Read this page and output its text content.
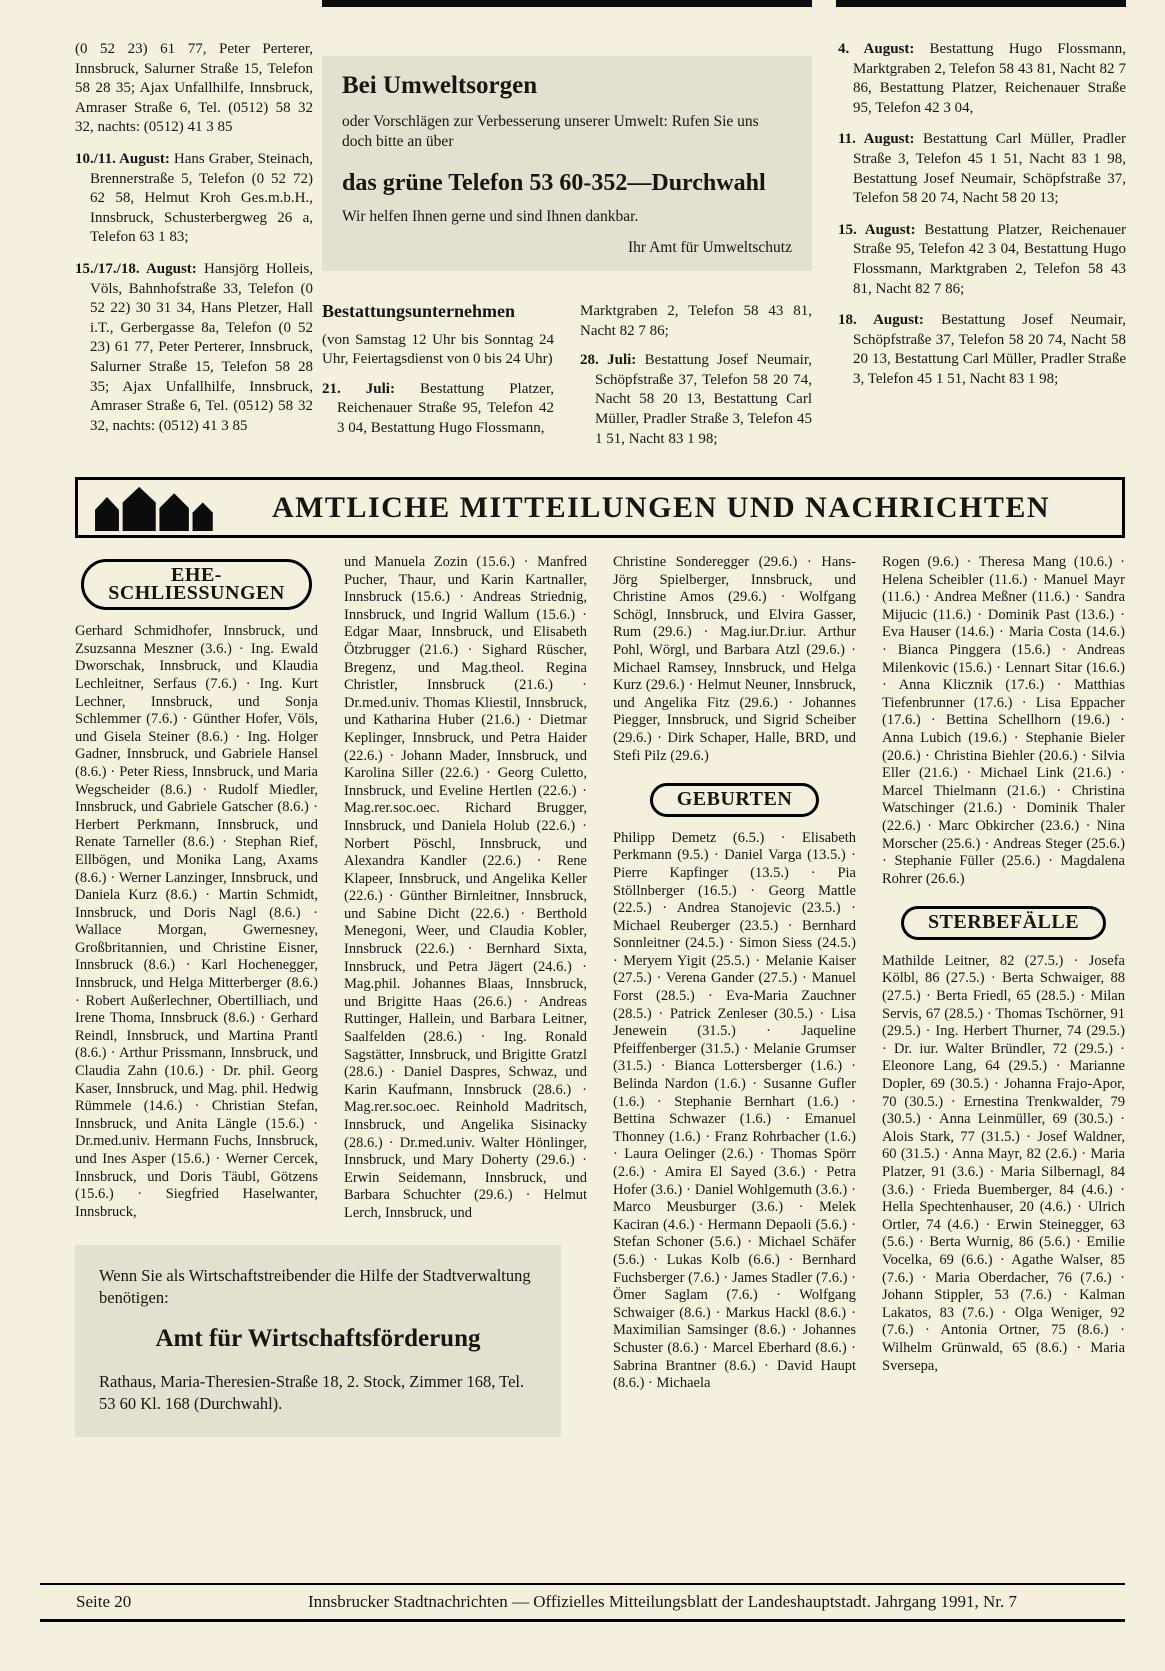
(0 52 23) 61 77, Peter Perterer, Innsbruck, Salurner Straße 15, Telefon 58 28 35; Ajax Unfallhilfe, Innsbruck, Amraser Straße 6, Tel. (0512) 58 32 32, nachts: (0512) 41 3 85

10./11. August: Hans Graber, Steinach, Brennerstraße 5, Telefon (0 52 72) 62 58, Helmut Kroh Ges.m.b.H., Innsbruck, Schusterbergweg 26 a, Telefon 63 1 83;

15./17./18. August: Hansjörg Holleis, Völs, Bahnhofstraße 33, Telefon (0 52 22) 30 31 34, Hans Pletzer, Hall i.T., Gerbergasse 8a, Telefon (0 52 23) 61 77, Peter Perterer, Innsbruck, Salurner Straße 15, Telefon 58 28 35; Ajax Unfallhilfe, Innsbruck, Amraser Straße 6, Tel. (0512) 58 32 32, nachts: (0512) 41 3 85

Bei Umweltsorgen

oder Vorschlägen zur Verbesserung unserer Umwelt: Rufen Sie uns doch bitte an über

das grüne Telefon 53 60-352—Durchwahl

Wir helfen Ihnen gerne und sind Ihnen dankbar.

Ihr Amt für Umweltschutz

Bestattungsunternehmen

(von Samstag 12 Uhr bis Sonntag 24 Uhr, Feiertagsdienst von 0 bis 24 Uhr)

21. Juli: Bestattung Platzer, Reichenauer Straße 95, Telefon 42 3 04, Bestattung Hugo Flossmann,

Marktgraben 2, Telefon 58 43 81, Nacht 82 7 86;

28. Juli: Bestattung Josef Neumair, Schöpfstraße 37, Telefon 58 20 74, Nacht 58 20 13, Bestattung Carl Müller, Pradler Straße 3, Telefon 45 1 51, Nacht 83 1 98;

4. August: Bestattung Hugo Flossmann, Marktgraben 2, Telefon 58 43 81, Nacht 82 7 86, Bestattung Platzer, Reichenauer Straße 95, Telefon 42 3 04,

11. August: Bestattung Carl Müller, Pradler Straße 3, Telefon 45 1 51, Nacht 83 1 98, Bestattung Josef Neumair, Schöpfstraße 37, Telefon 58 20 74, Nacht 58 20 13;

15. August: Bestattung Platzer, Reichenauer Straße 95, Telefon 42 3 04, Bestattung Hugo Flossmann, Marktgraben 2, Telefon 58 43 81, Nacht 82 7 86;

18. August: Bestattung Josef Neumair, Schöpfstraße 37, Telefon 58 20 74, Nacht 58 20 13, Bestattung Carl Müller, Pradler Straße 3, Telefon 45 1 51, Nacht 83 1 98;

AMTLICHE MITTEILUNGEN UND NACHRICHTEN
EHE-
SCHLIESSUNGEN

Gerhard Schmidhofer, Innsbruck, und Zsuzsanna Meszner (3.6.) · Ing. Ewald Dworschak, Innsbruck, und Klaudia Lechleitner, Serfaus (7.6.) · Ing. Kurt Lechner, Innsbruck, und Sonja Schlemmer (7.6.) · Günther Hofer, Völs, und Gisela Steiner (8.6.) · Ing. Holger Gadner, Innsbruck, und Gabriele Hansel (8.6.) · Peter Riess, Innsbruck, und Maria Wegscheider (8.6.) · Rudolf Miedler, Innsbruck, und Gabriele Gatscher (8.6.) · Herbert Perkmann, Innsbruck, und Renate Tarneller (8.6.) · Stephan Rief, Ellbögen, und Monika Lang, Axams (8.6.) · Werner Lanzinger, Innsbruck, und Daniela Kurz (8.6.) · Martin Schmidt, Innsbruck, und Doris Nagl (8.6.) · Wallace Morgan, Gwernesney, Großbritannien, und Christine Eisner, Innsbruck (8.6.) · Karl Hochenegger, Innsbruck, und Helga Mitterberger (8.6.) · Robert Außerlechner, Obertilliach, und Irene Thoma, Innsbruck (8.6.) · Gerhard Reindl, Innsbruck, und Martina Prantl (8.6.) · Arthur Prissmann, Innsbruck, und Claudia Zahn (10.6.) · Dr. phil. Georg Kaser, Innsbruck, und Mag. phil. Hedwig Rümmele (14.6.) · Christian Stefan, Innsbruck, und Anita Längle (15.6.) · Dr.med.univ. Hermann Fuchs, Innsbruck, und Ines Asper (15.6.) · Werner Cercek, Innsbruck, und Doris Täubl, Götzens (15.6.) · Siegfried Haselwanter, Innsbruck,

und Manuela Zozin (15.6.) · Manfred Pucher, Thaur, und Karin Kartnaller, Innsbruck (15.6.) · Andreas Striednig, Innsbruck, und Ingrid Wallum (15.6.) · Edgar Maar, Innsbruck, und Elisabeth Ötzbrugger (21.6.) · Sighard Rüscher, Bregenz, und Mag.theol. Regina Christler, Innsbruck (21.6.) · Dr.med.univ. Thomas Kliestil, Innsbruck, und Katharina Huber (21.6.) · Dietmar Keplinger, Innsbruck, und Petra Haider (22.6.) · Johann Mader, Innsbruck, und Karolina Siller (22.6.) · Georg Culetto, Innsbruck, und Eveline Hertlen (22.6.) · Mag.rer.soc.oec. Richard Brugger, Innsbruck, und Daniela Holub (22.6.) · Norbert Pöschl, Innsbruck, und Alexandra Kandler (22.6.) · Rene Klapeer, Innsbruck, und Angelika Keller (22.6.) · Günther Birnleitner, Innsbruck, und Sabine Dicht (22.6.) · Berthold Menegoni, Weer, und Claudia Kobler, Innsbruck (22.6.) · Bernhard Sixta, Innsbruck, und Petra Jägert (24.6.) · Mag.phil. Johannes Blaas, Innsbruck, und Brigitte Haas (26.6.) · Andreas Ruttinger, Hallein, und Barbara Leitner, Saalfelden (28.6.) · Ing. Ronald Sagstätter, Innsbruck, und Brigitte Gratzl (28.6.) · Daniel Daspres, Schwaz, und Karin Kaufmann, Innsbruck (28.6.) · Mag.rer.soc.oec. Reinhold Madritsch, Innsbruck, und Angelika Sisinacky (28.6.) · Dr.med.univ. Walter Hönlinger, Innsbruck, und Mary Doherty (29.6.) · Erwin Seidemann, Innsbruck, und Barbara Schuchter (29.6.) · Helmut Lerch, Innsbruck, und

Wenn Sie als Wirtschaftstreibender die Hilfe der Stadtverwaltung benötigen:

Amt für Wirtschaftsförderung

Rathaus, Maria-Theresien-Straße 18, 2. Stock, Zimmer 168, Tel. 53 60 Kl. 168 (Durchwahl).

Christine Sonderegger (29.6.) · Hans-Jörg Spielberger, Innsbruck, und Christine Amos (29.6.) · Wolfgang Schögl, Innsbruck, und Elvira Gasser, Rum (29.6.) · Mag.iur.Dr.iur. Arthur Pohl, Wörgl, und Barbara Atzl (29.6.) · Michael Ramsey, Innsbruck, und Helga Kurz (29.6.) · Helmut Neuner, Innsbruck, und Angelika Fitz (29.6.) · Johannes Piegger, Innsbruck, und Sigrid Scheiber (29.6.) · Dirk Schaper, Halle, BRD, und Stefi Pilz (29.6.)

GEBURTEN

Philipp Demetz (6.5.) · Elisabeth Perkmann (9.5.) · Daniel Varga (13.5.) · Pierre Kapfinger (13.5.) · Pia Stöllnberger (16.5.) · Georg Mattle (22.5.) · Andrea Stanojevic (23.5.) · Michael Reuberger (23.5.) · Bernhard Sonnleitner (24.5.) · Simon Siess (24.5.) · Meryem Yigit (25.5.) · Melanie Kaiser (27.5.) · Verena Gander (27.5.) · Manuel Forst (28.5.) · Eva-Maria Zauchner (28.5.) · Patrick Zenleser (30.5.) · Lisa Jenewein (31.5.) · Jaqueline Pfeiffenberger (31.5.) · Melanie Grumser (31.5.) · Bianca Lottersberger (1.6.) · Belinda Nardon (1.6.) · Susanne Gufler (1.6.) · Stephanie Bernhart (1.6.) · Bettina Schwazer (1.6.) · Emanuel Thonney (1.6.) · Franz Rohrbacher (1.6.) · Laura Oelinger (2.6.) · Thomas Spörr (2.6.) · Amira El Sayed (3.6.) · Petra Hofer (3.6.) · Daniel Wohlgemuth (3.6.) · Marco Meusburger (3.6.) · Melek Kaciran (4.6.) · Hermann Depaoli (5.6.) · Stefan Schoner (5.6.) · Michael Schäfer (5.6.) · Lukas Kolb (6.6.) · Bernhard Fuchsberger (7.6.) · James Stadler (7.6.) · Ömer Saglam (7.6.) · Wolfgang Schwaiger (8.6.) · Markus Hackl (8.6.) · Maximilian Samsinger (8.6.) · Johannes Schuster (8.6.) · Marcel Eberhard (8.6.) · Sabrina Brantner (8.6.) · David Haupt (8.6.) · Michaela

Rogen (9.6.) · Theresa Mang (10.6.) · Helena Scheibler (11.6.) · Manuel Mayr (11.6.) · Andrea Meßner (11.6.) · Sandra Mijucic (11.6.) · Dominik Past (13.6.) · Eva Hauser (14.6.) · Maria Costa (14.6.) · Bianca Pinggera (15.6.) · Andreas Milenkovic (15.6.) · Lennart Sitar (16.6.) · Anna Klicznik (17.6.) · Matthias Tiefenbrunner (17.6.) · Lisa Eppacher (17.6.) · Bettina Schellhorn (19.6.) · Anna Lubich (19.6.) · Stephanie Bieler (20.6.) · Christina Biehler (20.6.) · Silvia Eller (21.6.) · Michael Link (21.6.) · Marcel Thielmann (21.6.) · Christina Watschinger (21.6.) · Dominik Thaler (22.6.) · Marc Obkircher (23.6.) · Nina Morscher (25.6.) · Andreas Steger (25.6.) · Stephanie Füller (25.6.) · Magdalena Rohrer (26.6.)

STERBEFÄLLE

Mathilde Leitner, 82 (27.5.) · Josefa Kölbl, 86 (27.5.) · Berta Schwaiger, 88 (27.5.) · Berta Friedl, 65 (28.5.) · Milan Servis, 67 (28.5.) · Thomas Tschörner, 91 (29.5.) · Ing. Herbert Thurner, 74 (29.5.) · Dr. iur. Walter Bründler, 72 (29.5.) · Eleonore Lang, 64 (29.5.) · Marianne Dopler, 69 (30.5.) · Johanna Frajo-Apor, 70 (30.5.) · Ernestina Trenkwalder, 79 (30.5.) · Anna Leinmüller, 69 (30.5.) · Alois Stark, 77 (31.5.) · Josef Waldner, 60 (31.5.) · Anna Mayr, 82 (2.6.) · Maria Platzer, 91 (3.6.) · Maria Silbernagl, 84 (3.6.) · Frieda Buemberger, 84 (4.6.) · Hella Spechtenhauser, 20 (4.6.) · Ulrich Ortler, 74 (4.6.) · Erwin Steinegger, 63 (5.6.) · Berta Wurnig, 86 (5.6.) · Emilie Vocelka, 69 (6.6.) · Agathe Walser, 85 (7.6.) · Maria Oberdacher, 76 (7.6.) · Johann Stippler, 53 (7.6.) · Kalman Lakatos, 83 (7.6.) · Olga Weniger, 92 (7.6.) · Antonia Ortner, 75 (8.6.) · Wilhelm Grünwald, 65 (8.6.) · Maria Sversepa,

Seite 20	Innsbrucker Stadtnachrichten — Offizielles Mitteilungsblatt der Landeshauptstadt. Jahrgang 1991, Nr. 7
